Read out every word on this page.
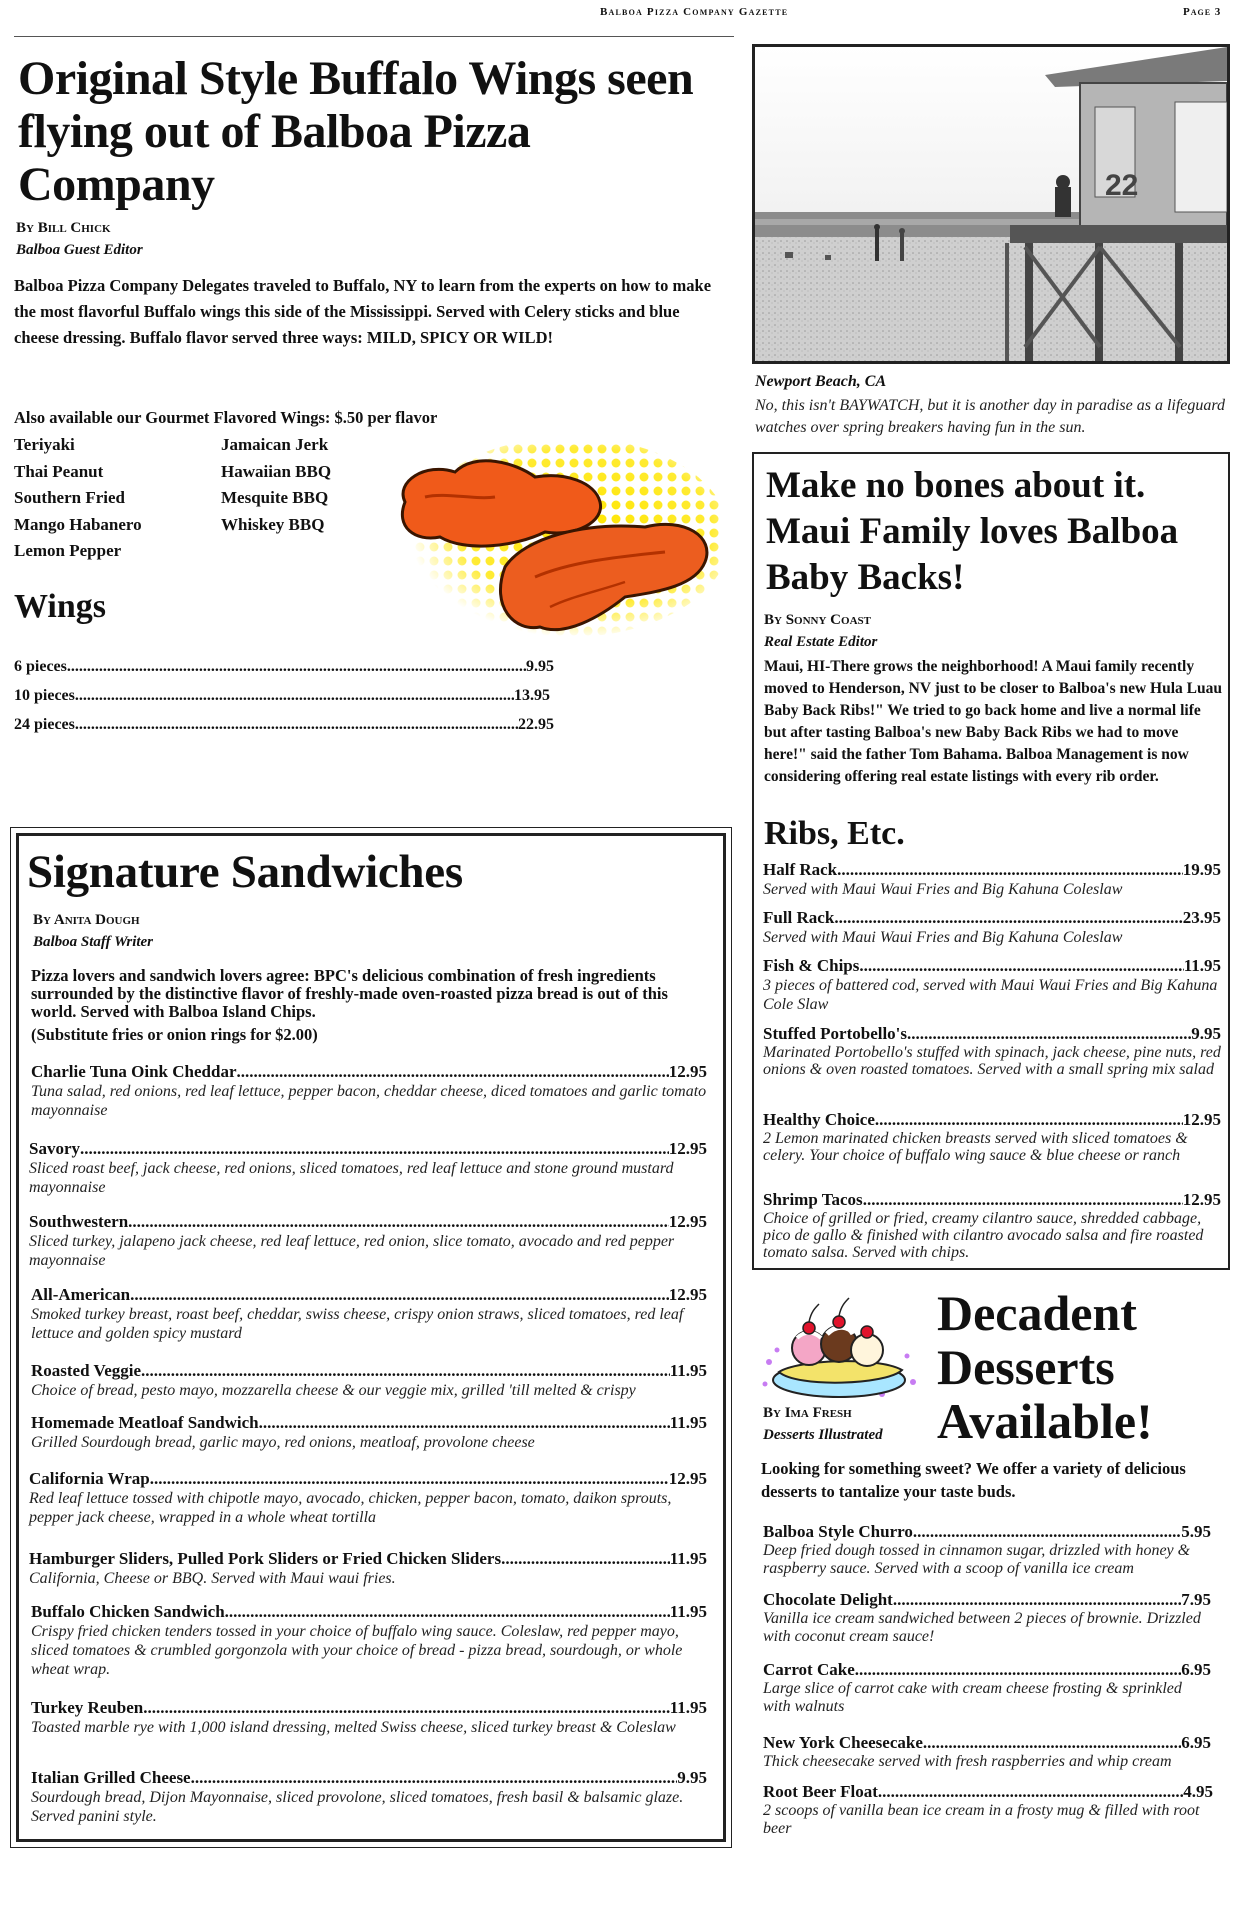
Balboa Pizza Company Gazette	Page 3
Original Style Buffalo Wings seen flying out of Balboa Pizza Company
By Bill Chick
Balboa Guest Editor
Balboa Pizza Company Delegates traveled to Buffalo, NY to learn from the experts on how to make the most flavorful Buffalo wings this side of the Mississippi. Served with Celery sticks and blue cheese dressing. Buffalo flavor served three ways: MILD, SPICY OR WILD!
Also available our Gourmet Flavored Wings: $.50 per flavor
Teriyaki
Thai Peanut
Southern Fried
Mango Habanero
Lemon Pepper
Jamaican Jerk
Hawaiian BBQ
Mesquite BBQ
Whiskey BBQ
Wings
6 pieces .....	9.95
10 pieces .....	13.95
24 pieces .....	22.95
22
Newport Beach, CA
No, this isn't BAYWATCH, but it is another day in paradise as a lifeguard watches over spring breakers having fun in the sun.
Make no bones about it. Maui Family loves Balboa Baby Backs!
By Sonny Coast
Real Estate Editor
Maui, HI-There grows the neighborhood! A Maui family recently moved to Henderson, NV just to be closer to Balboa's new Hula Luau Baby Back Ribs!" We tried to go back home and live a normal life but after tasting Balboa's new Baby Back Ribs we had to move here!" said the father Tom Bahama. Balboa Management is now considering offering real estate listings with every rib order.
Ribs, Etc.
Half Rack .....	19.95
Served with Maui Waui Fries and Big Kahuna Coleslaw
Full Rack .....	23.95
Served with Maui Waui Fries and Big Kahuna Coleslaw
Fish & Chips .....	11.95
3 pieces of battered cod, served with Maui Waui Fries and Big Kahuna Cole Slaw
Stuffed Portobello's .....	9.95
Marinated Portobello's stuffed with spinach, jack cheese, pine nuts, red onions & oven roasted tomatoes. Served with a small spring mix salad
Healthy Choice .....	12.95
2 Lemon marinated chicken breasts served with sliced tomatoes & celery. Your choice of buffalo wing sauce & blue cheese or ranch
Shrimp Tacos .....	12.95
Choice of grilled or fried, creamy cilantro sauce, shredded cabbage, pico de gallo & finished with cilantro avocado salsa and fire roasted tomato salsa. Served with chips.
Signature Sandwiches
By Anita Dough
Balboa Staff Writer
Pizza lovers and sandwich lovers agree: BPC's delicious combination of fresh ingredients surrounded by the distinctive flavor of freshly-made oven-roasted pizza bread is out of this world. Served with Balboa Island Chips.
(Substitute fries or onion rings for $2.00)
Charlie Tuna Oink Cheddar .....	12.95
Tuna salad, red onions, red leaf lettuce, pepper bacon, cheddar cheese, diced tomatoes and garlic tomato mayonnaise
Savory .....	12.95
Sliced roast beef, jack cheese, red onions, sliced tomatoes, red leaf lettuce and stone ground mustard mayonnaise
Southwestern .....	12.95
Sliced turkey, jalapeno jack cheese, red leaf lettuce, red onion, slice tomato, avocado and red pepper mayonnaise
All-American .....	12.95
Smoked turkey breast, roast beef, cheddar, swiss cheese, crispy onion straws, sliced tomatoes, red leaf lettuce and golden spicy mustard
Roasted Veggie .....	11.95
Choice of bread, pesto mayo, mozzarella cheese & our veggie mix, grilled 'till melted & crispy
Homemade Meatloaf Sandwich .....	11.95
Grilled Sourdough bread, garlic mayo, red onions, meatloaf, provolone cheese
California Wrap .....	12.95
Red leaf lettuce tossed with chipotle mayo, avocado, chicken, pepper bacon, tomato, daikon sprouts, pepper jack cheese, wrapped in a whole wheat tortilla
Hamburger Sliders, Pulled Pork Sliders or Fried Chicken Sliders .....	11.95
California, Cheese or BBQ. Served with Maui waui fries.
Buffalo Chicken Sandwich .....	11.95
Crispy fried chicken tenders tossed in your choice of buffalo wing sauce. Coleslaw, red pepper mayo, sliced tomatoes & crumbled gorgonzola with your choice of bread - pizza bread, sourdough, or whole wheat wrap.
Turkey Reuben .....	11.95
Toasted marble rye with 1,000 island dressing, melted Swiss cheese, sliced turkey breast & Coleslaw
Italian Grilled Cheese .....	9.95
Sourdough bread, Dijon Mayonnaise, sliced provolone, sliced tomatoes, fresh basil & balsamic glaze. Served panini style.
Decadent Desserts Available!
By Ima Fresh
Desserts Illustrated
Looking for something sweet? We offer a variety of delicious desserts to tantalize your taste buds.
Balboa Style Churro .....	5.95
Deep fried dough tossed in cinnamon sugar, drizzled with honey & raspberry sauce. Served with a scoop of vanilla ice cream
Chocolate Delight .....	7.95
Vanilla ice cream sandwiched between 2 pieces of brownie. Drizzled with coconut cream sauce!
Carrot Cake .....	6.95
Large slice of carrot cake with cream cheese frosting & sprinkled with walnuts
New York Cheesecake .....	6.95
Thick cheesecake served with fresh raspberries and whip cream
Root Beer Float .....	4.95
2 scoops of vanilla bean ice cream in a frosty mug & filled with root beer
